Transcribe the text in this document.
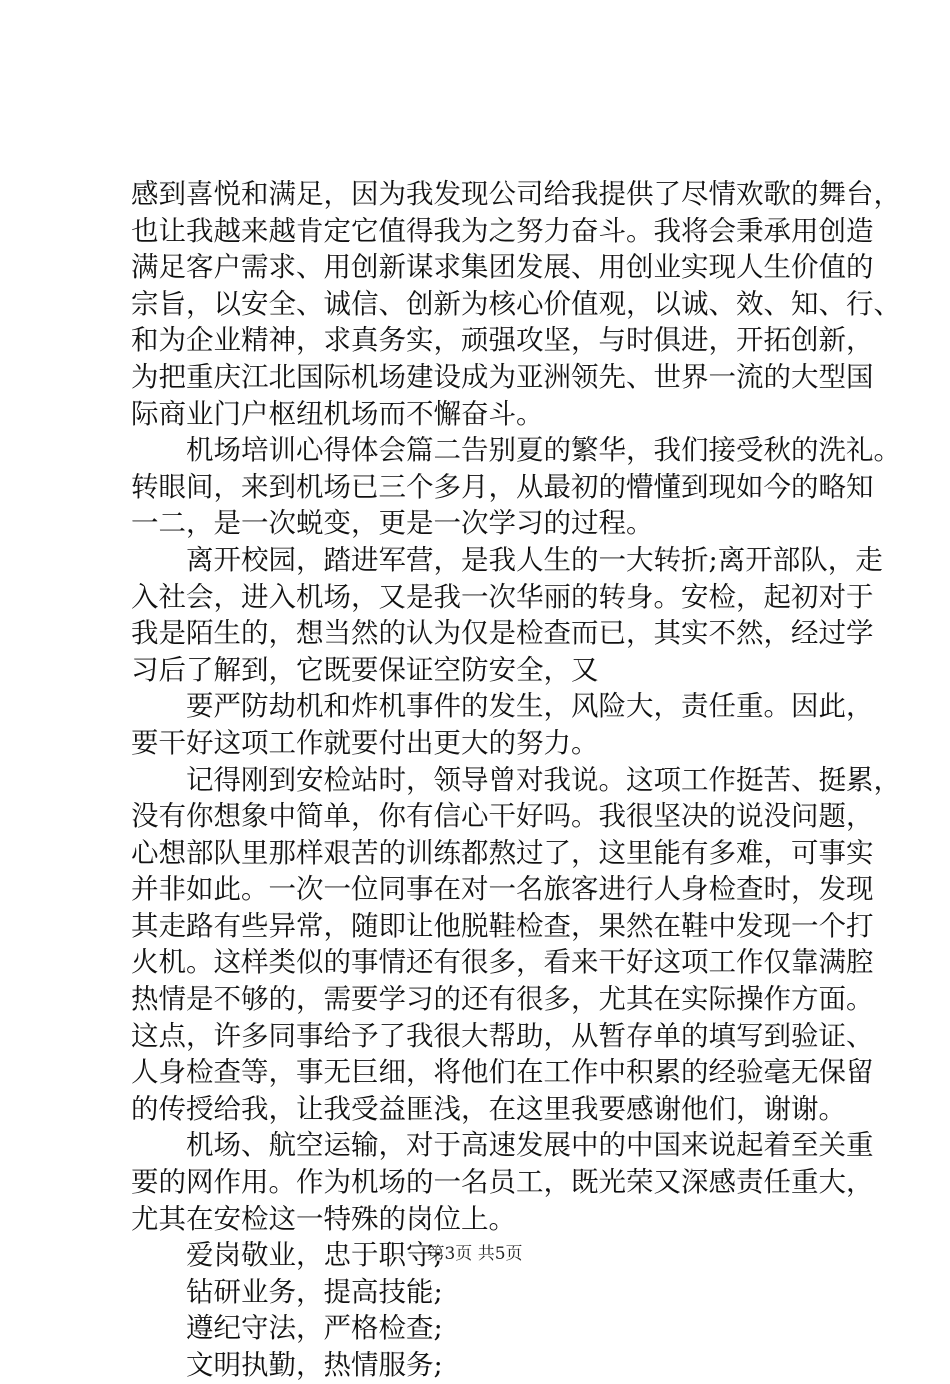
感到喜悦和满足，因为我发现公司给我提供了尽情欢歌的舞台，
也让我越来越肯定它值得我为之努力奋斗。我将会秉承用创造
满足客户需求、用创新谋求集团发展、用创业实现人生价值的
宗旨，以安全、诚信、创新为核心价值观，以诚、效、知、行、
和为企业精神，求真务实，顽强攻坚，与时俱进，开拓创新，
为把重庆江北国际机场建设成为亚洲领先、世界一流的大型国
际商业门户枢纽机场而不懈奋斗。
机场培训心得体会篇二告别夏的繁华，我们接受秋的洗礼。
转眼间，来到机场已三个多月，从最初的懵懂到现如今的略知
一二，是一次蜕变，更是一次学习的过程。
离开校园，踏进军营，是我人生的一大转折;离开部队，走
入社会，进入机场，又是我一次华丽的转身。安检，起初对于
我是陌生的，想当然的认为仅是检查而已，其实不然，经过学
习后了解到，它既要保证空防安全，又
要严防劫机和炸机事件的发生，风险大，责任重。因此，
要干好这项工作就要付出更大的努力。
记得刚到安检站时，领导曾对我说。这项工作挺苦、挺累，
没有你想象中简单，你有信心干好吗。我很坚决的说没问题，
心想部队里那样艰苦的训练都熬过了，这里能有多难，可事实
并非如此。一次一位同事在对一名旅客进行人身检查时，发现
其走路有些异常，随即让他脱鞋检查，果然在鞋中发现一个打
火机。这样类似的事情还有很多，看来干好这项工作仅靠满腔
热情是不够的，需要学习的还有很多，尤其在实际操作方面。
这点，许多同事给予了我很大帮助，从暂存单的填写到验证、
人身检查等，事无巨细，将他们在工作中积累的经验毫无保留
的传授给我，让我受益匪浅，在这里我要感谢他们，谢谢。
机场、航空运输，对于高速发展中的中国来说起着至关重
要的网作用。作为机场的一名员工，既光荣又深感责任重大，
尤其在安检这一特殊的岗位上。
爱岗敬业，忠于职守;
钻研业务，提高技能;
遵纪守法，严格检查;
文明执勤，热情服务;
第3页 共5页
